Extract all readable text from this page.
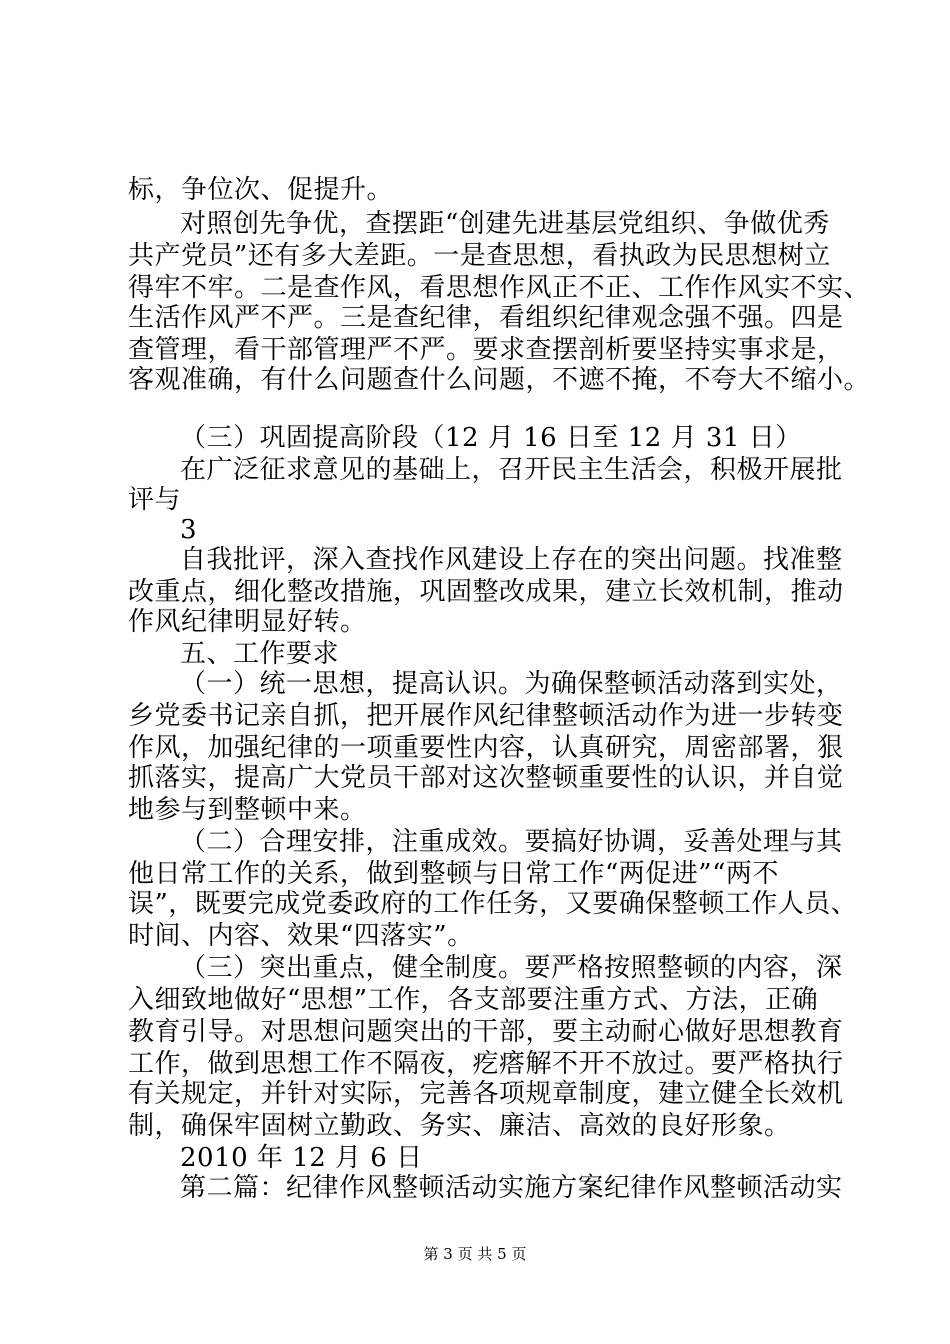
标，争位次、促提升。
对照创先争优，查摆距“创建先进基层党组织、争做优秀
共产党员”还有多大差距。一是查思想，看执政为民思想树立
得牢不牢。二是查作风，看思想作风正不正、工作作风实不实、
生活作风严不严。三是查纪律，看组织纪律观念强不强。四是
查管理，看干部管理严不严。要求查摆剖析要坚持实事求是，
客观准确，有什么问题查什么问题，不遮不掩，不夸大不缩小。
（三）巩固提高阶段（12 月 16 日至 12 月 31 日）
在广泛征求意见的基础上，召开民主生活会，积极开展批
评与
3
自我批评，深入查找作风建设上存在的突出问题。找准整
改重点，细化整改措施，巩固整改成果，建立长效机制，推动
作风纪律明显好转。
五、工作要求
（一）统一思想，提高认识。为确保整顿活动落到实处，
乡党委书记亲自抓，把开展作风纪律整顿活动作为进一步转变
作风，加强纪律的一项重要性内容，认真研究，周密部署，狠
抓落实，提高广大党员干部对这次整顿重要性的认识，并自觉
地参与到整顿中来。
（二）合理安排，注重成效。要搞好协调，妥善处理与其
他日常工作的关系，做到整顿与日常工作“两促进”“两不
误”，既要完成党委政府的工作任务，又要确保整顿工作人员、
时间、内容、效果“四落实”。
（三）突出重点，健全制度。要严格按照整顿的内容，深
入细致地做好“思想”工作，各支部要注重方式、方法，正确
教育引导。对思想问题突出的干部，要主动耐心做好思想教育
工作，做到思想工作不隔夜，疙瘩解不开不放过。要严格执行
有关规定，并针对实际，完善各项规章制度，建立健全长效机
制，确保牢固树立勤政、务实、廉洁、高效的良好形象。
2010 年 12 月 6 日
第二篇：纪律作风整顿活动实施方案纪律作风整顿活动实
第 3 页 共 5 页
